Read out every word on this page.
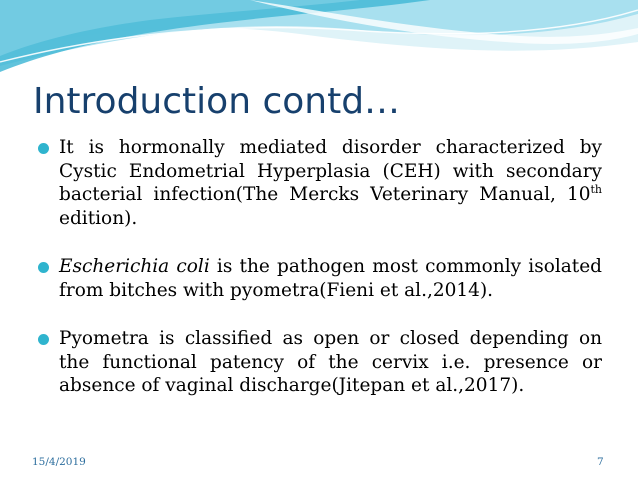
Introduction contd…
It is hormonally mediated disorder characterized by Cystic Endometrial Hyperplasia (CEH) with secondary bacterial infection(The Mercks Veterinary Manual, 10th edition).
Escherichia coli is the pathogen most commonly isolated from bitches with pyometra(Fieni et al.,2014).
Pyometra is classified as open or closed depending on the functional patency of the cervix i.e. presence or absence of vaginal discharge(Jitepan et al.,2017).
15/4/2019	7
